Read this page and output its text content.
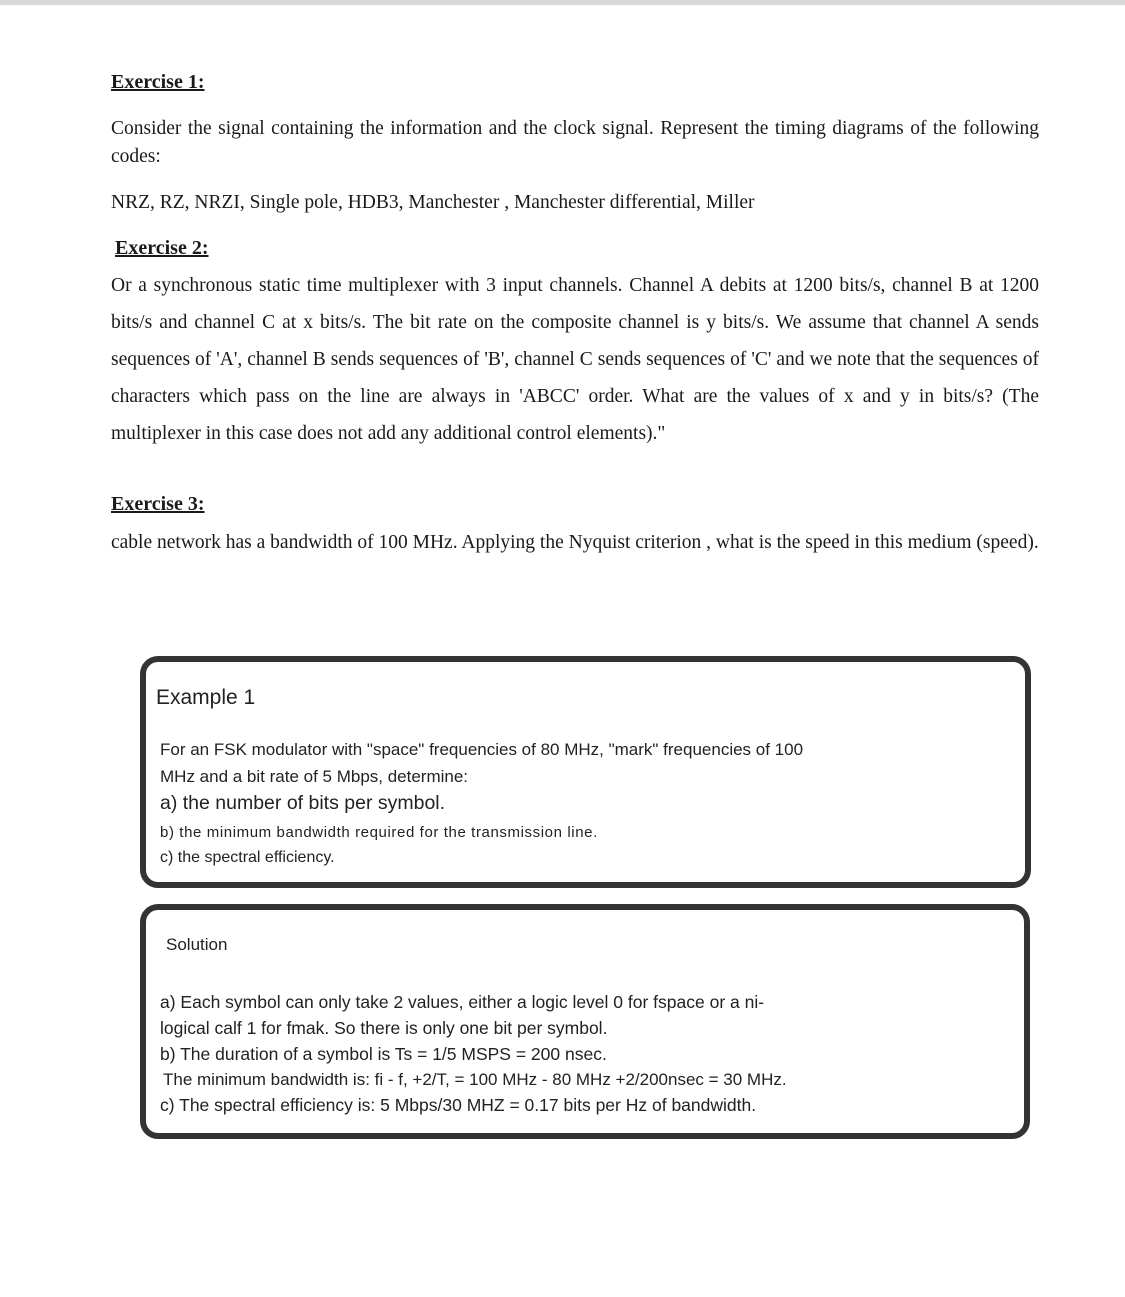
Exercise 1:
Consider the signal containing the information and the clock signal. Represent the timing diagrams of the following codes:
NRZ, RZ, NRZI, Single pole, HDB3, Manchester , Manchester differential, Miller
Exercise 2:
Or a synchronous static time multiplexer with 3 input channels. Channel A debits at 1200 bits/s, channel B at 1200 bits/s and channel C at x bits/s. The bit rate on the composite channel is y bits/s. We assume that channel A sends sequences of 'A', channel B sends sequences of 'B', channel C sends sequences of 'C' and we note that the sequences of characters which pass on the line are always in 'ABCC' order. What are the values of x and y in bits/s? (The multiplexer in this case does not add any additional control elements)."
Exercise 3:
cable network has a bandwidth of 100 MHz. Applying the Nyquist criterion , what is the speed in this medium (speed).
Example 1
For an FSK modulator with "space" frequencies of 80 MHz, "mark" frequencies of 100
MHz and a bit rate of 5 Mbps, determine:
a) the number of bits per symbol.
b) the minimum bandwidth required for the transmission line.
c) the spectral efficiency.
Solution
a) Each symbol can only take 2 values, either a logic level 0 for fspace or a ni-
logical calf 1 for fmak. So there is only one bit per symbol.
b) The duration of a symbol is Ts = 1/5 MSPS = 200 nsec.
The minimum bandwidth is: fi - f, +2/T, = 100 MHz - 80 MHz +2/200nsec = 30 MHz.
c) The spectral efficiency is: 5 Mbps/30 MHZ = 0.17 bits per Hz of bandwidth.
